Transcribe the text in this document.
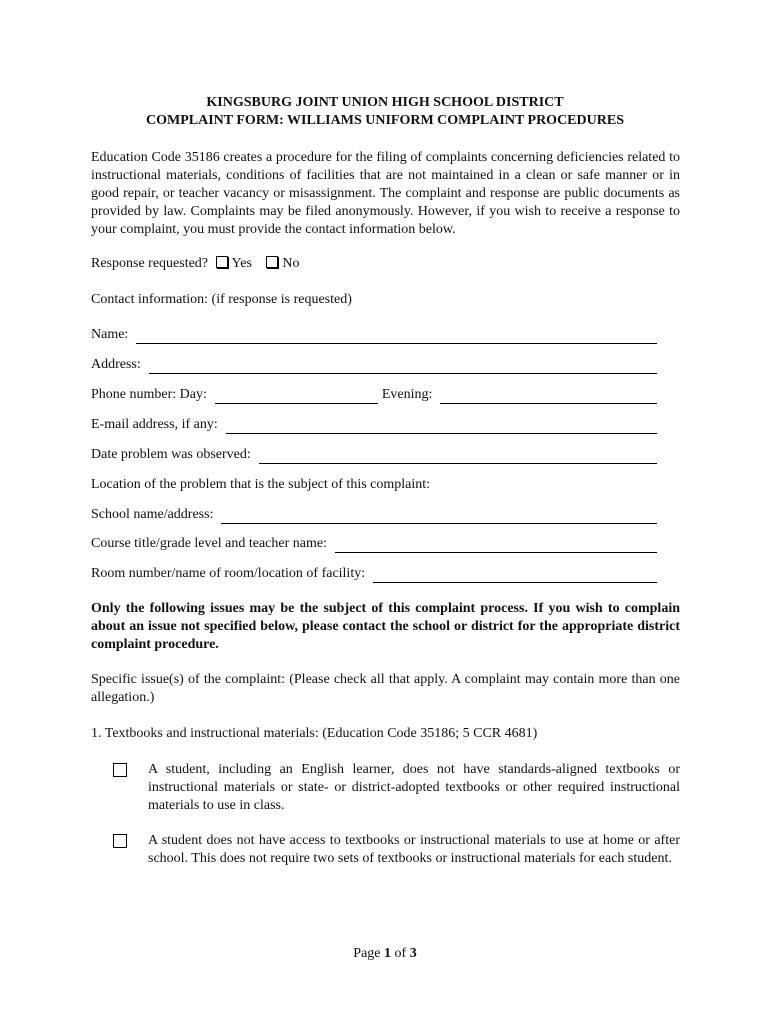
KINGSBURG JOINT UNION HIGH SCHOOL DISTRICT
COMPLAINT FORM: WILLIAMS UNIFORM COMPLAINT PROCEDURES
Education Code 35186 creates a procedure for the filing of complaints concerning deficiencies related to instructional materials, conditions of facilities that are not maintained in a clean or safe manner or in good repair, or teacher vacancy or misassignment. The complaint and response are public documents as provided by law. Complaints may be filed anonymously. However, if you wish to receive a response to your complaint, you must provide the contact information below.
Response requested? Yes No
Contact information: (if response is requested)
Name:
Address:
Phone number: Day:	Evening:
E-mail address, if any:
Date problem was observed:
Location of the problem that is the subject of this complaint:
School name/address:
Course title/grade level and teacher name:
Room number/name of room/location of facility:
Only the following issues may be the subject of this complaint process. If you wish to complain about an issue not specified below, please contact the school or district for the appropriate district complaint procedure.
Specific issue(s) of the complaint: (Please check all that apply. A complaint may contain more than one allegation.)
1. Textbooks and instructional materials: (Education Code 35186; 5 CCR 4681)
A student, including an English learner, does not have standards-aligned textbooks or instructional materials or state- or district-adopted textbooks or other required instructional materials to use in class.
A student does not have access to textbooks or instructional materials to use at home or after school. This does not require two sets of textbooks or instructional materials for each student.
Page 1 of 3
